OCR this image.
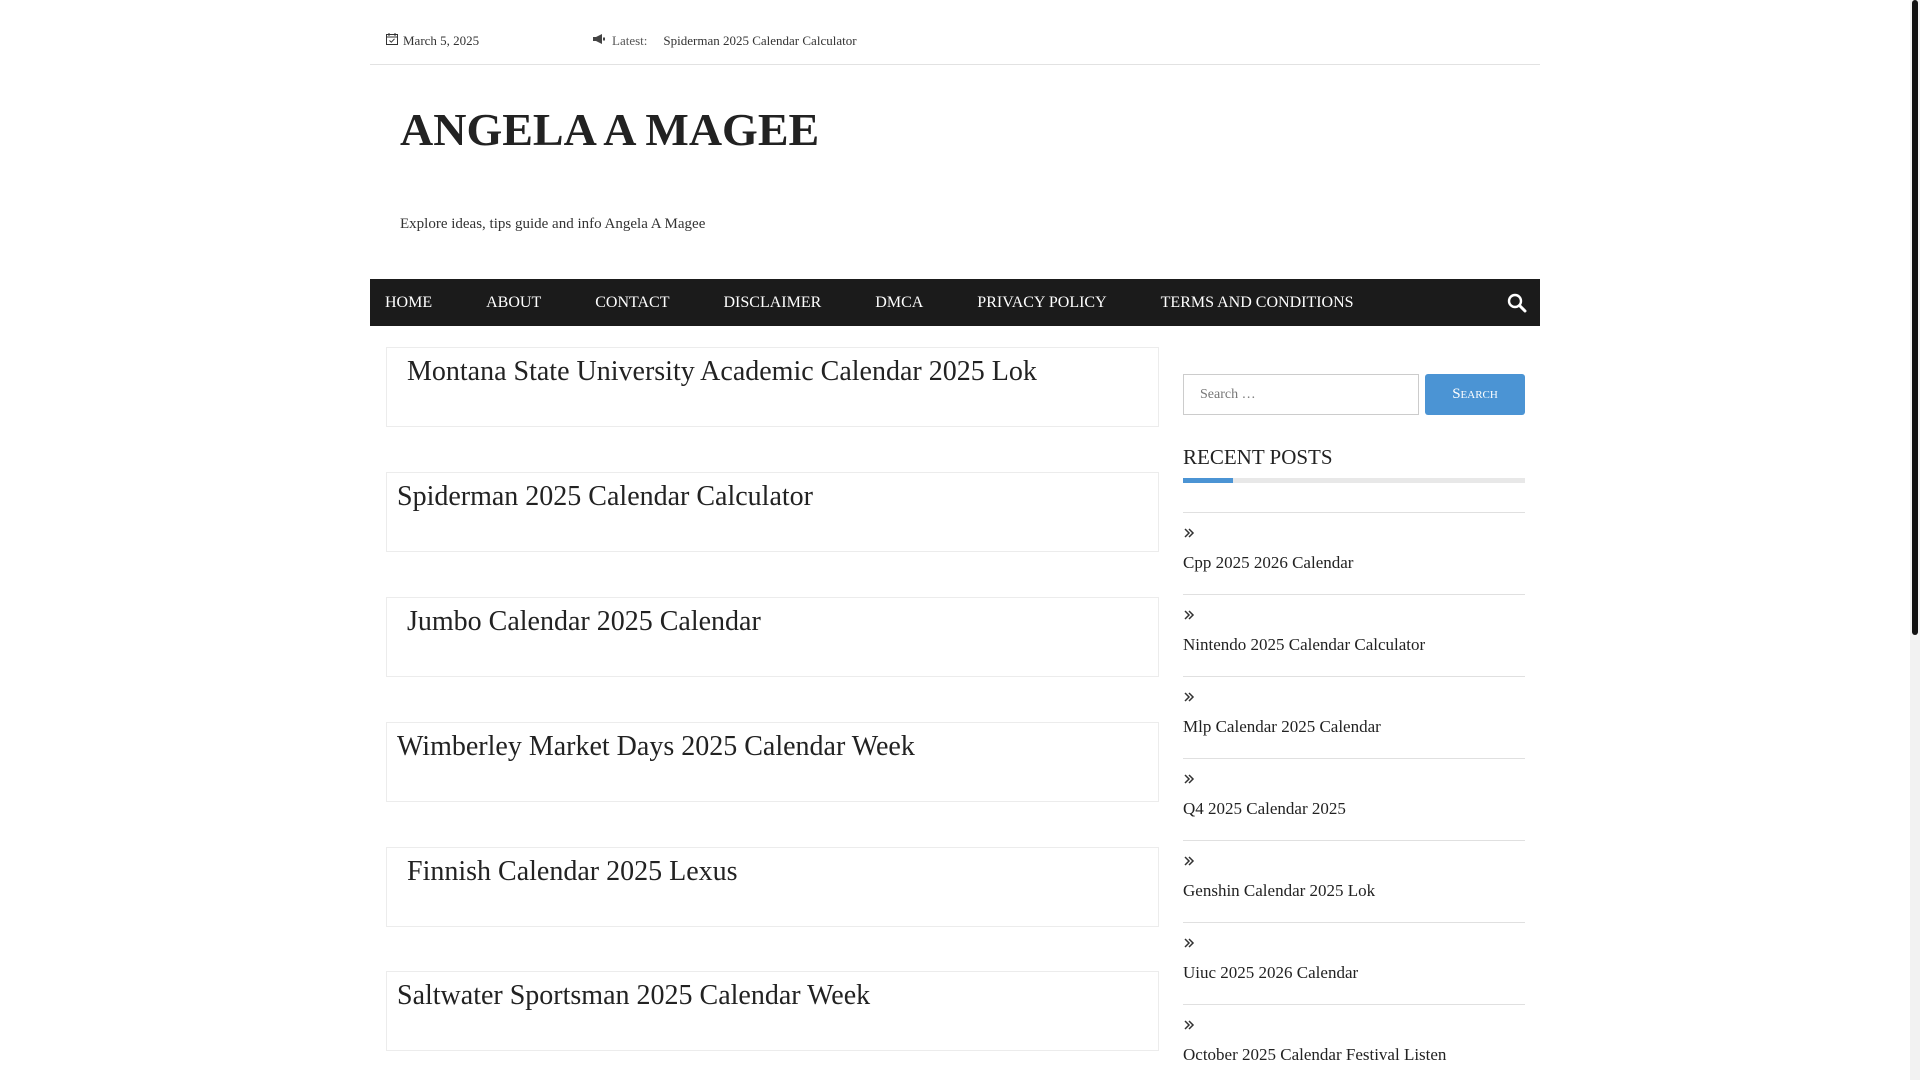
March 5, 2025	Latest: Spiderman 2025 Calendar Calculator
ANGELA A MAGEE
Explore ideas, tips guide and info Angela A Magee
HOME	ABOUT	CONTACT	DISCLAIMER	DMCA	PRIVACY POLICY	TERMS AND CONDITIONS
Montana State University Academic Calendar 2025 Lok
Spiderman 2025 Calendar Calculator
Jumbo Calendar 2025 Calendar
Wimberley Market Days 2025 Calendar Week
Finnish Calendar 2025 Lexus
Saltwater Sportsman 2025 Calendar Week
Search …
Search
RECENT POSTS
Cpp 2025 2026 Calendar
Nintendo 2025 Calendar Calculator
Mlp Calendar 2025 Calendar
Q4 2025 Calendar 2025
Genshin Calendar 2025 Lok
Uiuc 2025 2026 Calendar
October 2025 Calendar Festival Listen
